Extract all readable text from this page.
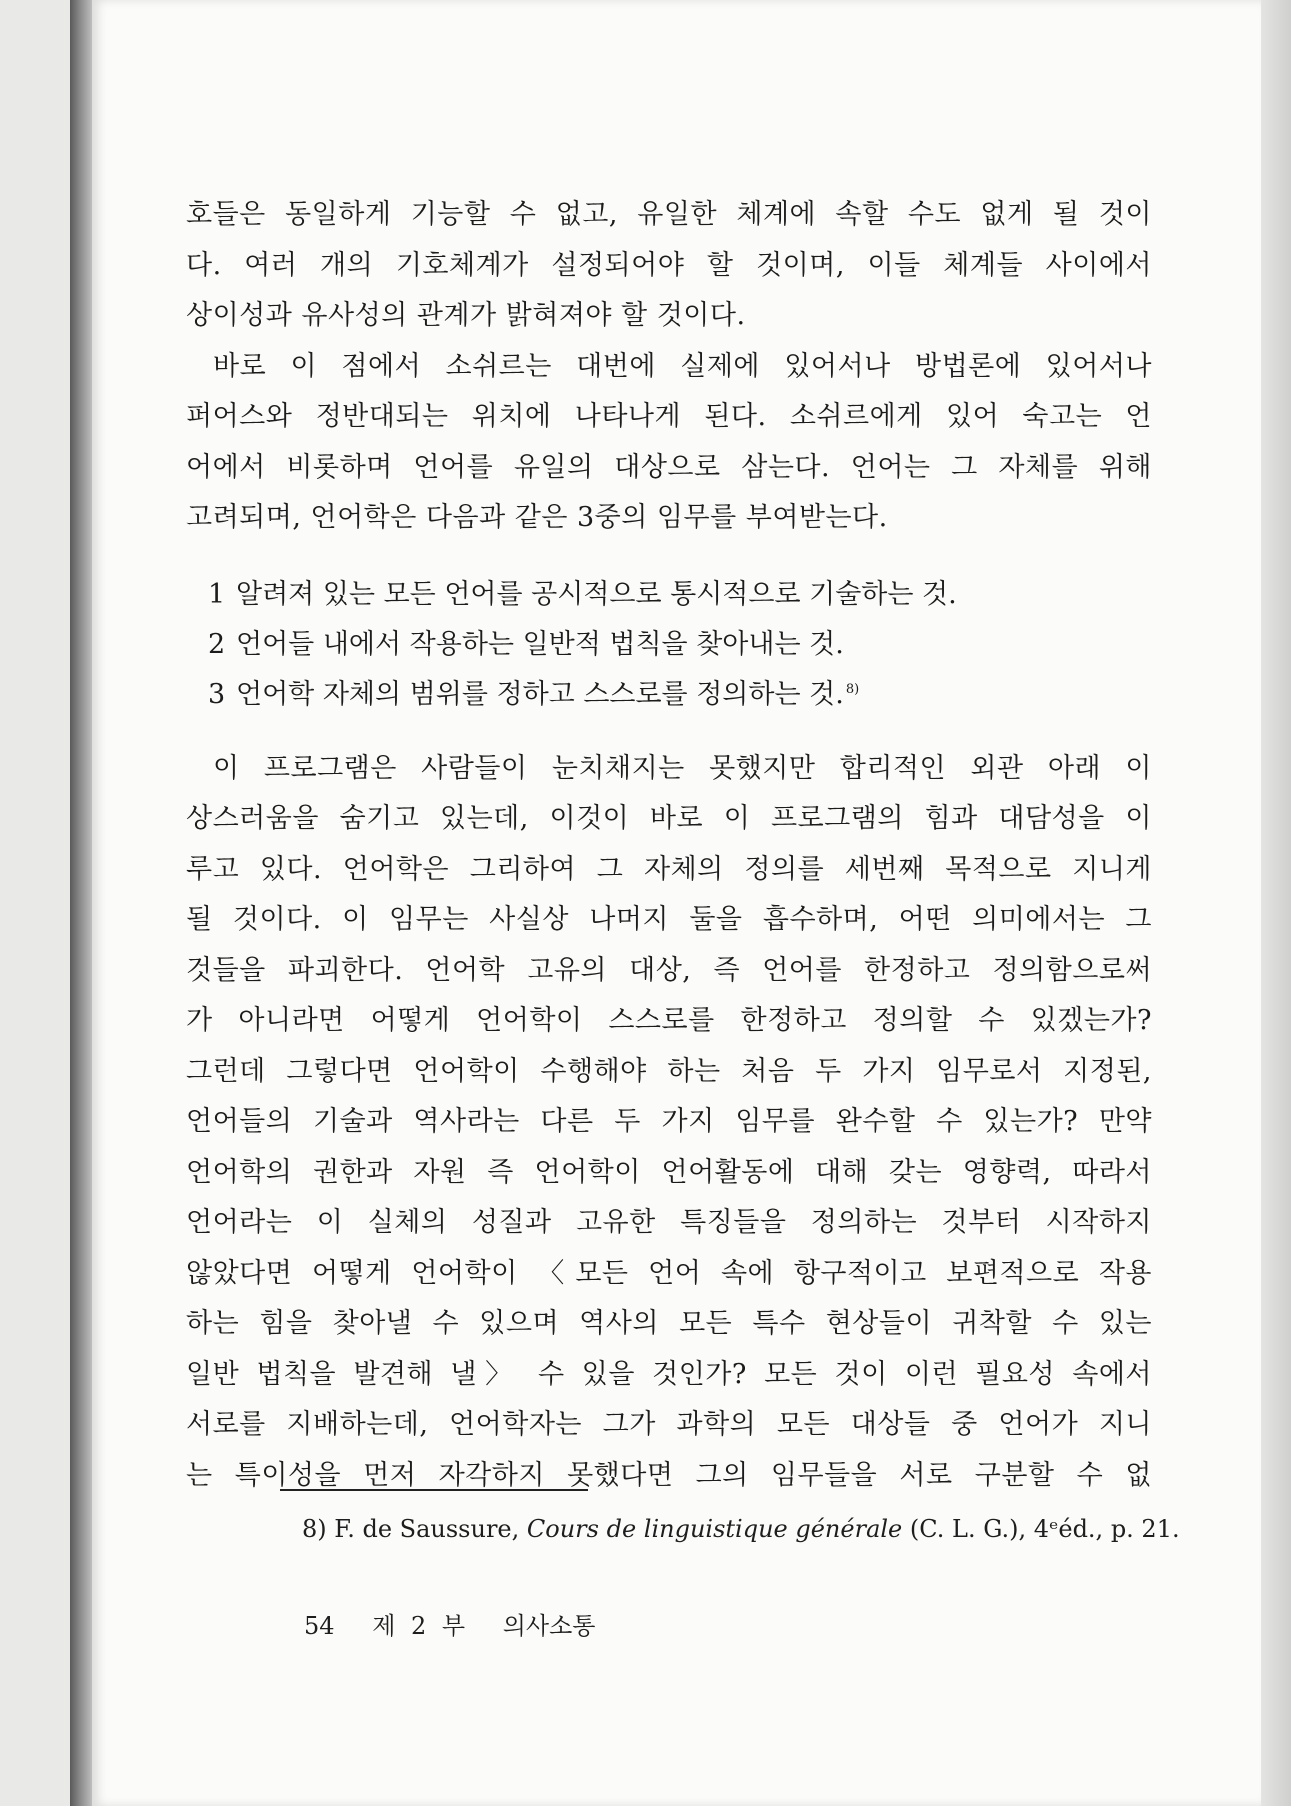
호들은 동일하게 기능할 수 없고, 유일한 체계에 속할 수도 없게 될 것이
다. 여러 개의 기호체계가 설정되어야 할 것이며, 이들 체계들 사이에서
상이성과 유사성의 관계가 밝혀져야 할 것이다.
바로 이 점에서 소쉬르는 대번에 실제에 있어서나 방법론에 있어서나
퍼어스와 정반대되는 위치에 나타나게 된다. 소쉬르에게 있어 숙고는 언
어에서 비롯하며 언어를 유일의 대상으로 삼는다. 언어는 그 자체를 위해
고려되며, 언어학은 다음과 같은 3중의 임무를 부여받는다.
1 알려져 있는 모든 언어를 공시적으로 통시적으로 기술하는 것.
2 언어들 내에서 작용하는 일반적 법칙을 찾아내는 것.
3 언어학 자체의 범위를 정하고 스스로를 정의하는 것. $^{8)}$
이 프로그램은 사람들이 눈치채지는 못했지만 합리적인 외관 아래 이
상스러움을 숨기고 있는데, 이것이 바로 이 프로그램의 힘과 대담성을 이
루고 있다. 언어학은 그리하여 그 자체의 정의를 세번째 목적으로 지니게
될 것이다. 이 임무는 사실상 나머지 둘을 흡수하며, 어떤 의미에서는 그
것들을 파괴한다. 언어학 고유의 대상, 즉 언어를 한정하고 정의함으로써
가 아니라면 어떻게 언어학이 스스로를 한정하고 정의할 수 있겠는가?
그런데 그렇다면 언어학이 수행해야 하는 처음 두 가지 임무로서 지정된,
언어들의 기술과 역사라는 다른 두 가지 임무를 완수할 수 있는가? 만약
언어학의 권한과 자원 즉 언어학이 언어활동에 대해 갖는 영향력, 따라서
언어라는 이 실체의 성질과 고유한 특징들을 정의하는 것부터 시작하지
않았다면 어떻게 언어학이 〈모든 언어 속에 항구적이고 보편적으로 작용
하는 힘을 찾아낼 수 있으며 역사의 모든 특수 현상들이 귀착할 수 있는
일반 법칙을 발견해 낼〉 수 있을 것인가? 모든 것이 이런 필요성 속에서
서로를 지배하는데, 언어학자는 그가 과학의 모든 대상들 중 언어가 지니
는 특이성을 먼저 자각하지 못했다면 그의 임무들을 서로 구분할 수 없
8) F. de Saussure, Cours de linguistique générale (C. L. G.), 4ᵉéd., p. 21.
54 제 2 부 의사소통
